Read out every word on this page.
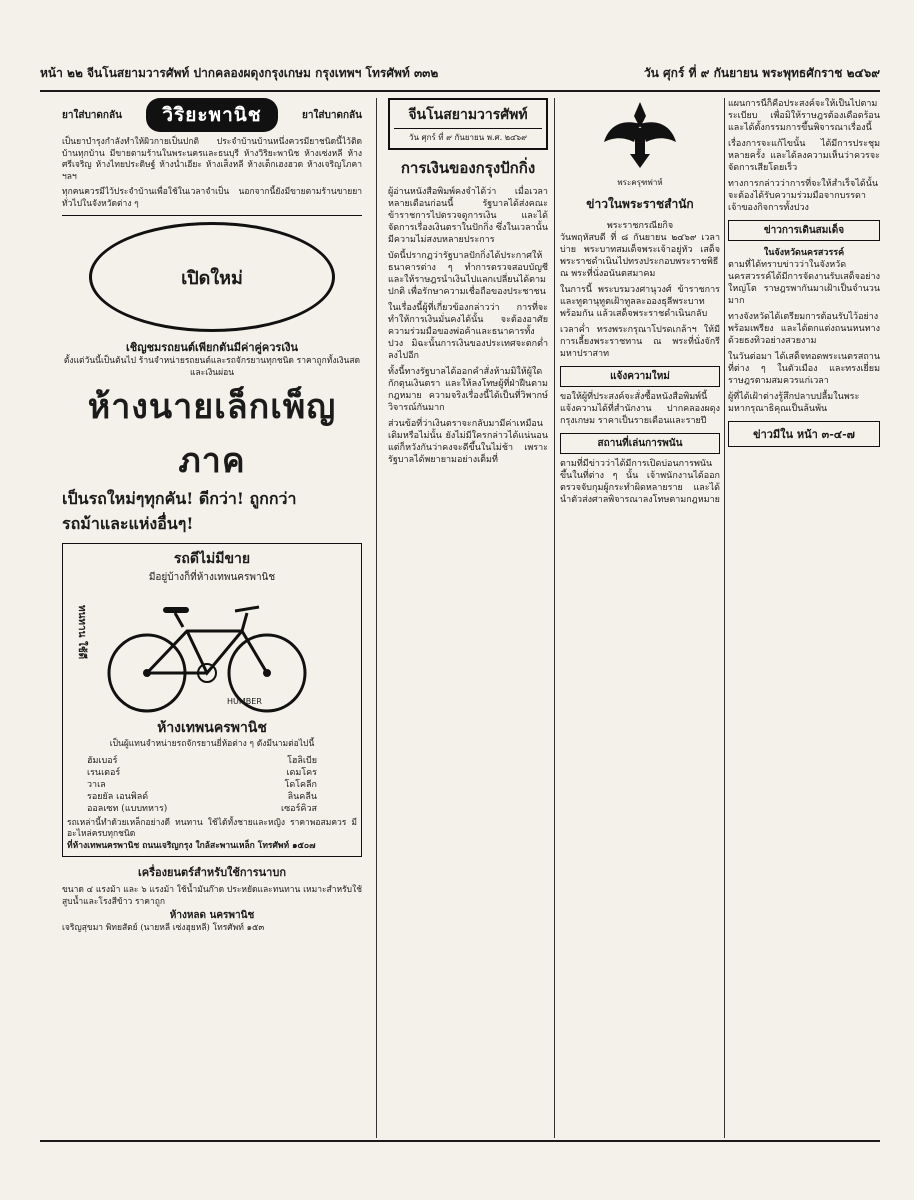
หน้า ๒๒ จีนโนสยามวารศัพท์ ปากคลองผดุงกรุงเกษม กรุงเทพฯ โทรศัพท์ ๓๓๒	วัน ศุกร์ ที่ ๙ กันยายน พระพุทธศักราช ๒๔๖๙
ยาใส่บาดกลัน	วิริยะพานิช	ยาใส่บาดกลัน

เป็นยาบำรุงกำลังทำให้ผิวกายเป็นปกติ ประจำบ้านบ้านหนึ่งควรมียาชนิดนี้ไว้ติดบ้านทุกบ้าน มีขายตามร้านในพระนครและธนบุรี ห้างวิริยะพานิช ห้างเซ่งหลี ห้างศรีเจริญ ห้างไทยประดิษฐ์ ห้างน่ำเอียะ ห้างเส็งหลี ห้างเต็กเฮงฮวด ห้างเจริญโภคา ฯลฯ

ทุกคนควรมีไว้ประจำบ้านเพื่อใช้ในเวลาจำเป็น นอกจากนี้ยังมีขายตามร้านขายยาทั่วไปในจังหวัดต่าง ๆ

เปิดใหม่
เชิญชมรถยนต์เพียกตันมีค่าคู่ควรเงิน
ตั้งแต่วันนี้เป็นต้นไป ร้านจำหน่ายรถยนต์และรถจักรยานทุกชนิด ราคาถูกทั้งเงินสดและเงินผ่อน
ห้างนายเล็กเพ็ญภาค
เป็นรถใหม่ๆทุกคัน! ดีกว่า! ถูกกว่า
รถม้าและแห่งอื่นๆ!
รถดีไม่มีขาย
มีอยู่บ้างก็ที่ห้างเทพนครพานิช
ทนทาน ใช้ดี
HUMBER
ห้างเทพนครพานิช
เป็นผู้แทนจำหน่ายรถจักรยานยี่ห้อต่าง ๆ ดังมีนามต่อไปนี้
ฮัมเบอร์	โฮลิเบีย
เรนเตอร์	เดมโคร
วาเล	โดโคลีก
รอยยัล เอนพิลด์	ลินคลีน
ออลเซท (แบบทหาร)	เซอร์คิวส
รถเหล่านี้ทำด้วยเหล็กอย่างดี ทนทาน ใช้ได้ทั้งชายและหญิง ราคาพอสมควร มีอะไหล่ครบทุกชนิด
ที่ห้างเทพนครพานิช ถนนเจริญกรุง ใกล้สะพานเหล็ก โทรศัพท์ ๑๕๐๗
เครื่องยนตร์สำหรับใช้การนาบก
ขนาด ๔ แรงม้า และ ๖ แรงม้า ใช้น้ำมันก๊าด ประหยัดและทนทาน เหมาะสำหรับใช้สูบน้ำและโรงสีข้าว ราคาถูก
ห้างหลด นครพานิช
เจริญสุขมา พิทยสัตย์ (นายหลี เซ่งฮุยหลี) โทรศัพท์ ๑๕๓
จีนโนสยามวารศัพท์
วัน ศุกร์ ที่ ๙ กันยายน พ.ศ. ๒๔๖๙
การเงินของกรุงปักกิ่ง

ผู้อ่านหนังสือพิมพ์คงจำได้ว่า เมื่อเวลาหลายเดือนก่อนนี้ รัฐบาลได้ส่งคณะข้าราชการไปตรวจดูการเงิน และได้จัดการเรื่องเงินตราในปักกิ่ง ซึ่งในเวลานั้นมีความไม่สงบหลายประการ

บัดนี้ปรากฏว่ารัฐบาลปักกิ่งได้ประกาศให้ธนาคารต่าง ๆ ทำการตรวจสอบบัญชี และให้ราษฎรนำเงินไปแลกเปลี่ยนได้ตามปกติ เพื่อรักษาความเชื่อถือของประชาชน

ในเรื่องนี้ผู้ที่เกี่ยวข้องกล่าวว่า การที่จะทำให้การเงินมั่นคงได้นั้น จะต้องอาศัยความร่วมมือของพ่อค้าและธนาคารทั้งปวง มิฉะนั้นการเงินของประเทศจะตกต่ำลงไปอีก

ทั้งนี้ทางรัฐบาลได้ออกคำสั่งห้ามมิให้ผู้ใดกักตุนเงินตรา และให้ลงโทษผู้ที่ฝ่าฝืนตามกฎหมาย ความจริงเรื่องนี้ได้เป็นที่วิพากษ์วิจารณ์กันมาก

ส่วนข้อที่ว่าเงินตราจะกลับมามีค่าเหมือนเดิมหรือไม่นั้น ยังไม่มีใครกล่าวได้แน่นอน แต่ก็หวังกันว่าคงจะดีขึ้นในไม่ช้า เพราะรัฐบาลได้พยายามอย่างเต็มที่

พระครุฑพ่าห์
ข่าวในพระราชสำนัก
พระราชกรณียกิจ

วันพฤหัสบดี ที่ ๘ กันยายน ๒๔๖๙ เวลาบ่าย พระบาทสมเด็จพระเจ้าอยู่หัว เสด็จพระราชดำเนินไปทรงประกอบพระราชพิธี ณ พระที่นั่งอนันตสมาคม

ในการนี้ พระบรมวงศานุวงศ์ ข้าราชการ และทูตานุทูตเฝ้าทูลละอองธุลีพระบาทพร้อมกัน แล้วเสด็จพระราชดำเนินกลับ

เวลาค่ำ ทรงพระกรุณาโปรดเกล้าฯ ให้มีการเลี้ยงพระราชทาน ณ พระที่นั่งจักรีมหาปราสาท

แจ้งความใหม่
ขอให้ผู้ที่ประสงค์จะสั่งซื้อหนังสือพิมพ์นี้ แจ้งความได้ที่สำนักงาน ปากคลองผดุงกรุงเกษม ราคาเป็นรายเดือนและรายปี
สถานที่เล่นการพนัน
ตามที่มีข่าวว่าได้มีการเปิดบ่อนการพนันขึ้นในที่ต่าง ๆ นั้น เจ้าพนักงานได้ออกตรวจจับกุมผู้กระทำผิดหลายราย และได้นำตัวส่งศาลพิจารณาลงโทษตามกฎหมาย

แผนการนี้ก็คือประสงค์จะให้เป็นไปตามระเบียบ เพื่อมิให้ราษฎรต้องเดือดร้อน และได้ตั้งกรรมการขึ้นพิจารณาเรื่องนี้

เรื่องการจะแก้ไขนั้น ได้มีการประชุมหลายครั้ง และได้ลงความเห็นว่าควรจะจัดการเสียโดยเร็ว

ทางการกล่าวว่าการที่จะให้สำเร็จได้นั้น จะต้องได้รับความร่วมมือจากบรรดาเจ้าของกิจการทั้งปวง

ข่าวการเดินสมเด็จ
ในจังหวัดนครสวรรค์

ตามที่ได้ทราบข่าวว่าในจังหวัดนครสวรรค์ได้มีการจัดงานรับเสด็จอย่างใหญ่โต ราษฎรพากันมาเฝ้าเป็นจำนวนมาก

ทางจังหวัดได้เตรียมการต้อนรับไว้อย่างพร้อมเพรียง และได้ตกแต่งถนนหนทางด้วยธงทิวอย่างสวยงาม

ในวันต่อมา ได้เสด็จทอดพระเนตรสถานที่ต่าง ๆ ในตัวเมือง และทรงเยี่ยมราษฎรตามสมควรแก่เวลา

ผู้ที่ได้เฝ้าต่างรู้สึกปลาบปลื้มในพระมหากรุณาธิคุณเป็นล้นพ้น

ข่าวมีใน หน้า ๓-๔-๗
